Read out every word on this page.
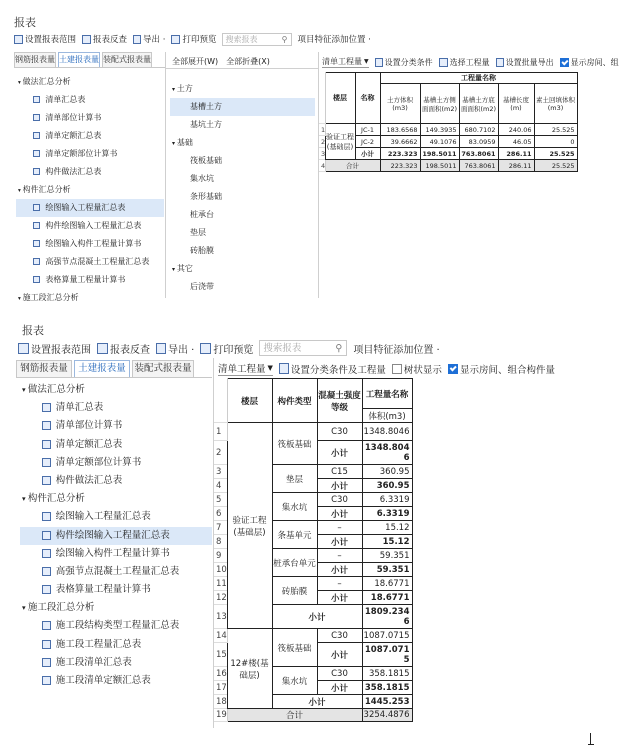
报表
设置报表范围 报表反查 导出 · 打印预览	搜索报表	⚲ 项目特征添加位置 ·
钢筋报表量 土建报表量 装配式报表量
▾ 做法汇总分析
清单汇总表
清单部位计算书
清单定额汇总表
清单定额部位计算书
构件做法汇总表
▾ 构件汇总分析
绘图输入工程量汇总表
构件绘图输入工程量汇总表
绘图输入构件工程量计算书
高强节点混凝土工程量汇总表
表格算量工程量计算书
▾ 施工段汇总分析
全部展开(W) 全部折叠(X)
▾ 土方
基槽土方
基坑土方
▾ 基础
筏板基础
集水坑
条形基础
桩承台
垫层
砖胎膜
▾ 其它
后浇带
清单工程量 ▼ 设置分类条件 选择工程量 设置批量导出 显示房间、组
	楼层	名称	工程量名称				
			土方体积(m3)	基槽土方侧面面积(m2)	基槽土方底面面积(m2)	基槽长度(m)	素土回填体积(m3)
1	验证工程(基础层)	JC-1	183.6568	149.3935	680.7102	240.06	25.525
2		JC-2	39.6662	49.1076	83.0959	46.05	0
3		小计	223.323	198.5011	763.8061	286.11	25.525
4	合计		223.323	198.5011	763.8061	286.11	25.525
报表
设置报表范围 报表反查 导出 · 打印预览	搜索报表	⚲ 项目特征添加位置 ·
钢筋报表量	土建报表量 装配式报表量
▾ 做法汇总分析
清单汇总表
清单部位计算书
清单定额汇总表
清单定额部位计算书
构件做法汇总表
▾ 构件汇总分析
绘图输入工程量汇总表
构件绘图输入工程量汇总表
绘图输入构件工程量计算书
高强节点混凝土工程量汇总表
表格算量工程量计算书
▾ 施工段汇总分析
施工段结构类型工程量汇总表
施工段工程量汇总表
施工段清单汇总表
施工段清单定额汇总表
清单工程量 ▼ 设置分类条件及工程量 树状显示 显示房间、组合构件量
	楼层	构件类型	混凝土强度等级	工程量名称
				体积(m3)
1	验证工程(基础层)	筏板基础	C30	1348.8046
2			小计	1348.8046
3		垫层	C15	360.95
4			小计	360.95
5		集水坑	C30	6.3319
6			小计	6.3319
7		条基单元	–	15.12
8			小计	15.12
9		桩承台单元	–	59.351
10			小计	59.351
11		砖胎膜	–	18.6771
12			小计	18.6771
13		小计		1809.2346
14	12#楼(基础层)	筏板基础	C30	1087.0715
15			小计	1087.0715
16		集水坑	C30	358.1815
17			小计	358.1815
18		小计		1445.253
19	合计			3254.4876
